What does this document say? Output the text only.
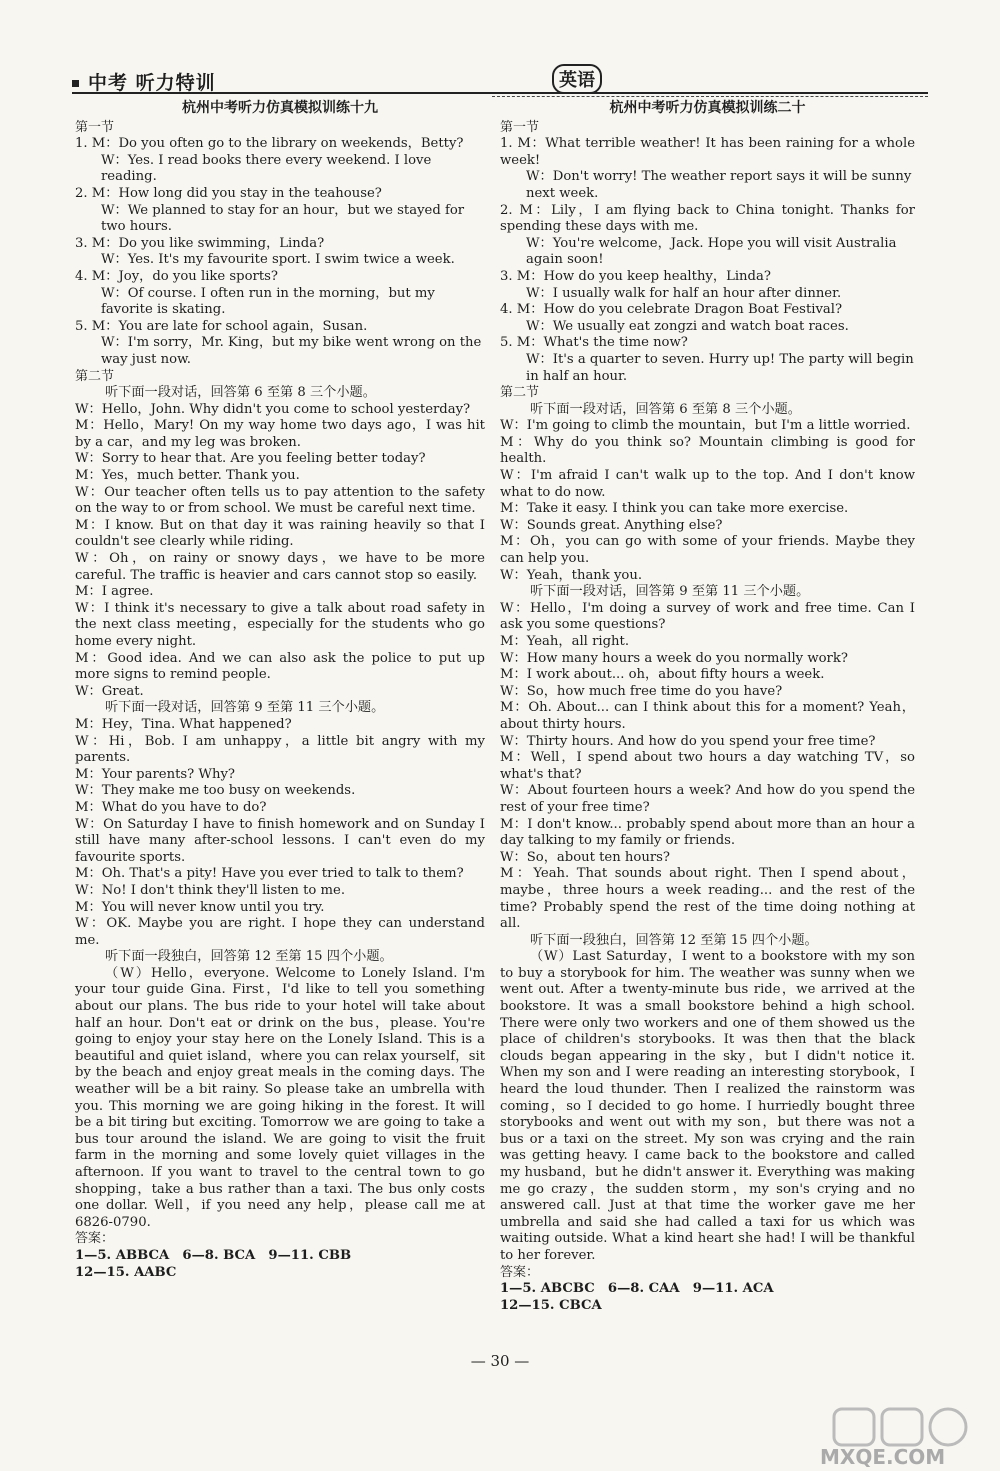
中考 听力特训	英语
杭州中考听力仿真模拟训练十九
第一节
1. M：Do you often go to the library on weekends，Betty?
W：Yes. I read books there every weekend. I love reading.
2. M：How long did you stay in the teahouse?
W：We planned to stay for an hour，but we stayed for two hours.
3. M：Do you like swimming，Linda?
W：Yes. It's my favourite sport. I swim twice a week.
4. M：Joy，do you like sports?
W：Of course. I often run in the morning，but my favorite is skating.
5. M：You are late for school again，Susan.
W：I'm sorry，Mr. King，but my bike went wrong on the way just now.
第二节
听下面一段对话，回答第 6 至第 8 三个小题。
W：Hello，John. Why didn't you come to school yesterday?
M：Hello，Mary! On my way home two days ago，I was hit by a car，and my leg was broken.
W：Sorry to hear that. Are you feeling better today?
M：Yes，much better. Thank you.
W：Our teacher often tells us to pay attention to the safety on the way to or from school. We must be careful next time.
M：I know. But on that day it was raining heavily so that I couldn't see clearly while riding.
W：Oh，on rainy or snowy days，we have to be more careful. The traffic is heavier and cars cannot stop so easily.
M：I agree.
W：I think it's necessary to give a talk about road safety in the next class meeting，especially for the students who go home every night.
M：Good idea. And we can also ask the police to put up more signs to remind people.
W：Great.
听下面一段对话，回答第 9 至第 11 三个小题。
M：Hey，Tina. What happened?
W：Hi，Bob. I am unhappy，a little bit angry with my parents.
M：Your parents? Why?
W：They make me too busy on weekends.
M：What do you have to do?
W：On Saturday I have to finish homework and on Sunday I still have many after-school lessons. I can't even do my favourite sports.
M：Oh. That's a pity! Have you ever tried to talk to them?
W：No! I don't think they'll listen to me.
M：You will never know until you try.
W：OK. Maybe you are right. I hope they can understand me.
听下面一段独白，回答第 12 至第 15 四个小题。
（W）Hello，everyone. Welcome to Lonely Island. I'm your tour guide Gina. First，I'd like to tell you something about our plans. The bus ride to your hotel will take about half an hour. Don't eat or drink on the bus，please. You're going to enjoy your stay here on the Lonely Island. This is a beautiful and quiet island，where you can relax yourself，sit by the beach and enjoy great meals in the coming days. The weather will be a bit rainy. So please take an umbrella with you. This morning we are going hiking in the forest. It will be a bit tiring but exciting. Tomorrow we are going to take a bus tour around the island. We are going to visit the fruit farm in the morning and some lovely quiet villages in the afternoon. If you want to travel to the central town to go shopping，take a bus rather than a taxi. The bus only costs one dollar. Well，if you need any help，please call me at 6826-0790.
答案：
1—5. ABBCA　6—8. BCA　9—11. CBB
12—15. AABC
杭州中考听力仿真模拟训练二十
第一节
1. M：What terrible weather! It has been raining for a whole week!
W：Don't worry! The weather report says it will be sunny next week.
2. M：Lily，I am flying back to China tonight. Thanks for spending these days with me.
W：You're welcome，Jack. Hope you will visit Australia again soon!
3. M：How do you keep healthy，Linda?
W：I usually walk for half an hour after dinner.
4. M：How do you celebrate Dragon Boat Festival?
W：We usually eat zongzi and watch boat races.
5. M：What's the time now?
W：It's a quarter to seven. Hurry up! The party will begin in half an hour.
第二节
听下面一段对话，回答第 6 至第 8 三个小题。
W：I'm going to climb the mountain，but I'm a little worried.
M：Why do you think so? Mountain climbing is good for health.
W：I'm afraid I can't walk up to the top. And I don't know what to do now.
M：Take it easy. I think you can take more exercise.
W：Sounds great. Anything else?
M：Oh，you can go with some of your friends. Maybe they can help you.
W：Yeah，thank you.
听下面一段对话，回答第 9 至第 11 三个小题。
W：Hello，I'm doing a survey of work and free time. Can I ask you some questions?
M：Yeah，all right.
W：How many hours a week do you normally work?
M：I work about... oh，about fifty hours a week.
W：So，how much free time do you have?
M：Oh. About... can I think about this for a moment? Yeah，about thirty hours.
W：Thirty hours. And how do you spend your free time?
M：Well，I spend about two hours a day watching TV，so what's that?
W：About fourteen hours a week? And how do you spend the rest of your free time?
M：I don't know... probably spend about more than an hour a day talking to my family or friends.
W：So，about ten hours?
M：Yeah. That sounds about right. Then I spend about，maybe，three hours a week reading... and the rest of the time? Probably spend the rest of the time doing nothing at all.
听下面一段独白，回答第 12 至第 15 四个小题。
（W）Last Saturday，I went to a bookstore with my son to buy a storybook for him. The weather was sunny when we went out. After a twenty-minute bus ride，we arrived at the bookstore. It was a small bookstore behind a high school. There were only two workers and one of them showed us the place of children's storybooks. It was then that the black clouds began appearing in the sky，but I didn't notice it. When my son and I were reading an interesting storybook，I heard the loud thunder. Then I realized the rainstorm was coming，so I decided to go home. I hurriedly bought three storybooks and went out with my son，but there was not a bus or a taxi on the street. My son was crying and the rain was getting heavy. I came back to the bookstore and called my husband，but he didn't answer it. Everything was making me go crazy，the sudden storm，my son's crying and no answered call. Just at that time the worker gave me her umbrella and said she had called a taxi for us which was waiting outside. What a kind heart she had! I will be thankful to her forever.
答案：
1—5. ABCBC　6—8. CAA　9—11. ACA
12—15. CBCA
— 30 —
MXQE.COM
